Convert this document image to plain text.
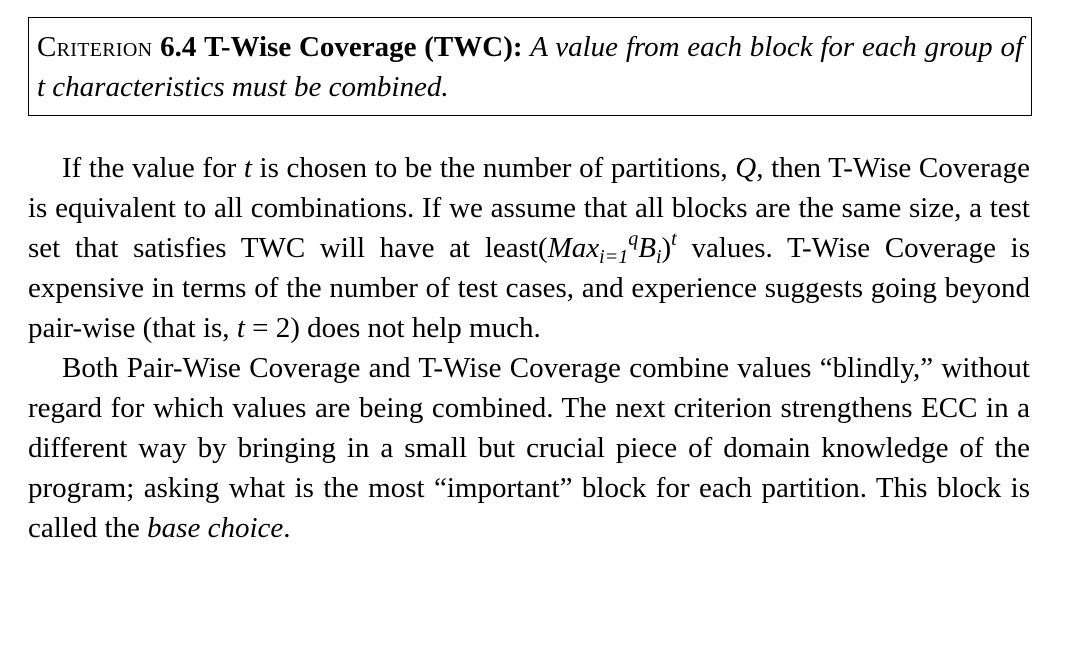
Criterion 6.4 T-Wise Coverage (TWC): A value from each block for each group of t characteristics must be combined.

If the value for t is chosen to be the number of partitions, Q, then T-Wise Coverage is equivalent to all combinations. If we assume that all blocks are the same size, a test set that satisfies TWC will have at $least(Max_{i=1}^qB_i)^t$ values. T-Wise Coverage is expensive in terms of the number of test cases, and experience suggests going beyond pair-wise (that is, t = 2) does not help much.

Both Pair-Wise Coverage and T-Wise Coverage combine values “blindly,” without regard for which values are being combined. The next criterion strengthens ECC in a different way by bringing in a small but crucial piece of domain knowledge of the program; asking what is the most “important” block for each partition. This block is called the base choice.
